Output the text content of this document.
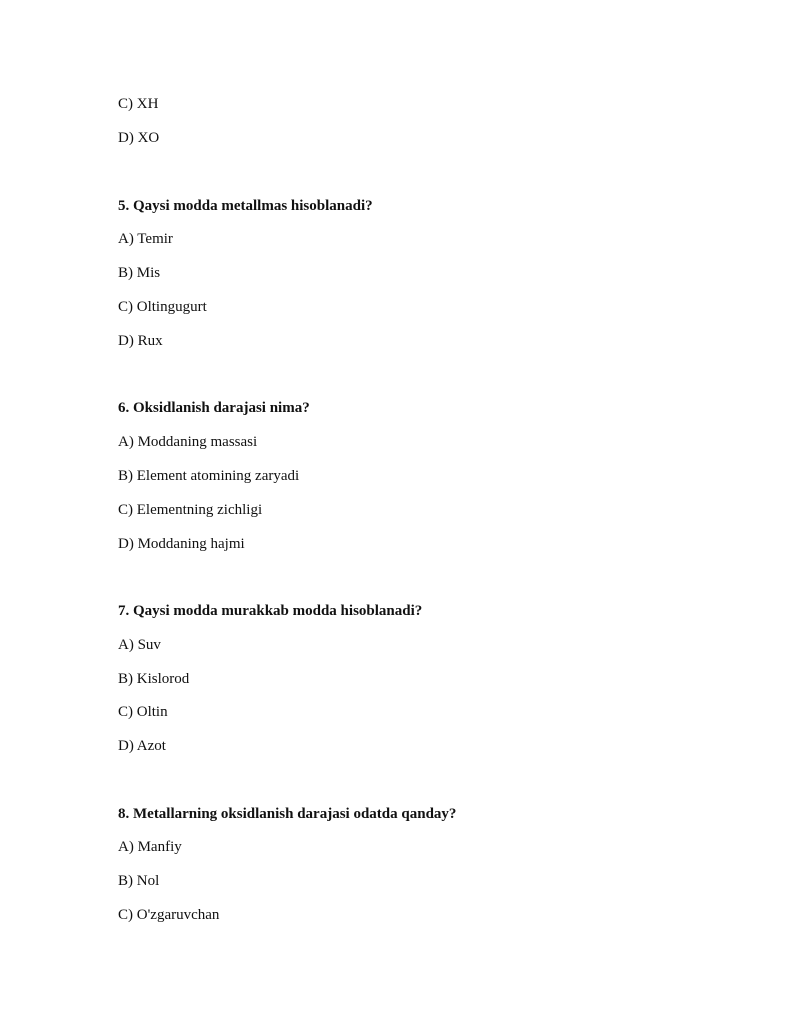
C) XH
D) XO
5. Qaysi modda metallmas hisoblanadi?
A) Temir
B) Mis
C) Oltingugurt
D) Rux
6. Oksidlanish darajasi nima?
A) Moddaning massasi
B) Element atomining zaryadi
C) Elementning zichligi
D) Moddaning hajmi
7. Qaysi modda murakkab modda hisoblanadi?
A) Suv
B) Kislorod
C) Oltin
D) Azot
8. Metallarning oksidlanish darajasi odatda qanday?
A) Manfiy
B) Nol
C) O'zgaruvchan
